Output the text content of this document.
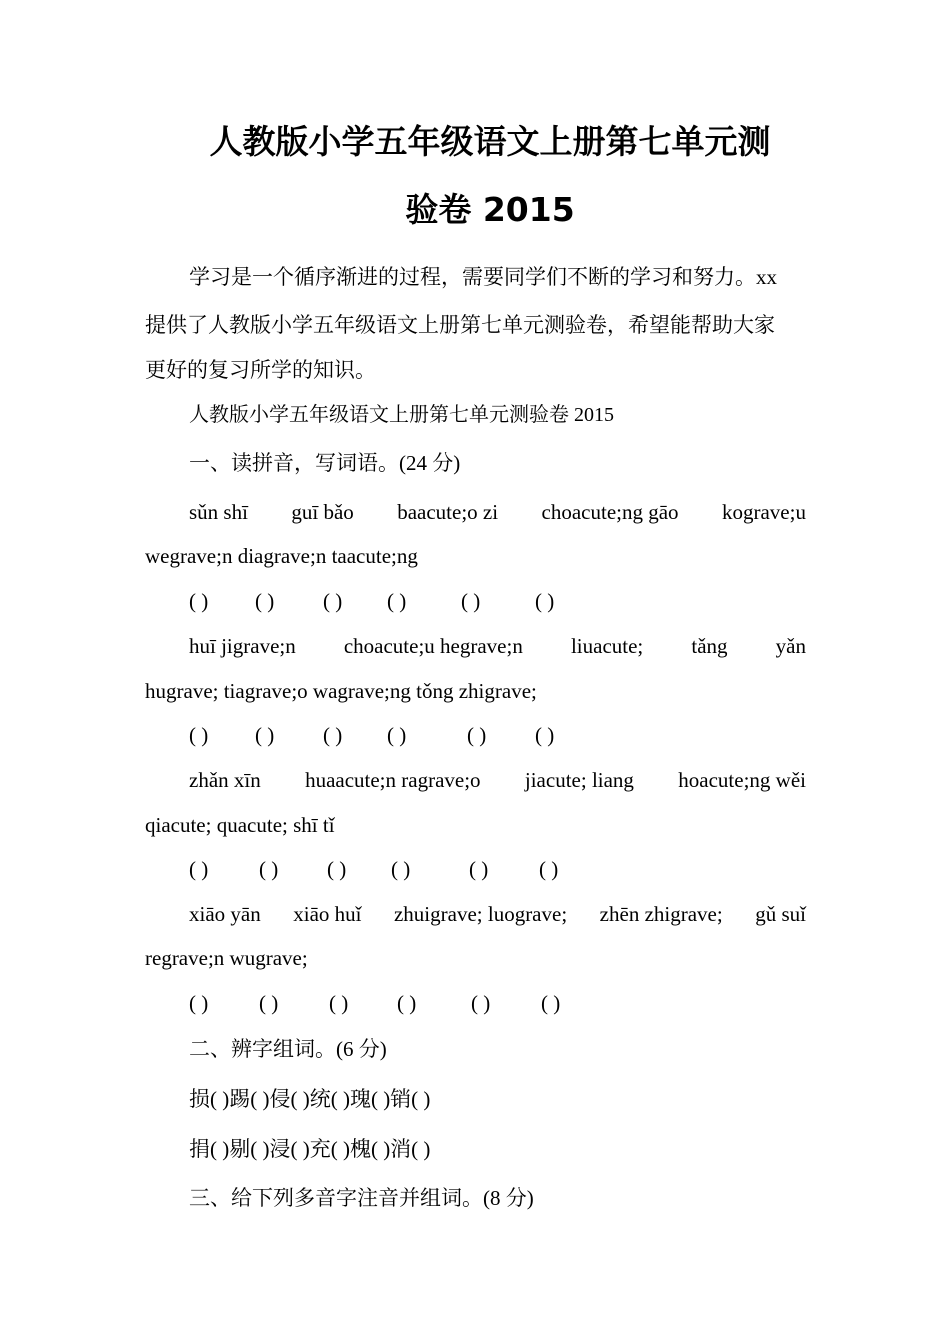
人教版小学五年级语文上册第七单元测
验卷 2015
学习是一个循序渐进的过程，需要同学们不断的学习和努力。xx
提供了人教版小学五年级语文上册第七单元测验卷，希望能帮助大家
更好的复习所学的知识。
人教版小学五年级语文上册第七单元测验卷 2015
一、读拼音，写词语。(24 分)
sǔn shī guī bǎo baacute;o zi choacute;ng gāo kograve;u
wegrave;n diagrave;n taacute;ng
( )	( )	( )	( )	( )	( )
huī jigrave;n choacute;u hegrave;n liuacute; tǎng yǎn
hugrave; tiagrave;o wagrave;ng tǒng zhigrave;
( )	( )	( )	( )	( )	( )
zhǎn xīn huaacute;n ragrave;o jiacute; liang hoacute;ng wěi
qiacute; quacute; shī tǐ
( )	( )	( )	( )	( )	( )
xiāo yān xiāo huǐ zhuigrave; luograve; zhēn zhigrave; gǔ suǐ
regrave;n wugrave;
( )	( )	( )	( )	( )	( )
二、辨字组词。(6 分)
损( )踢( )侵( )统( )瑰( )销( )
捐( )剔( )浸( )充( )槐( )消( )
三、给下列多音字注音并组词。(8 分)
